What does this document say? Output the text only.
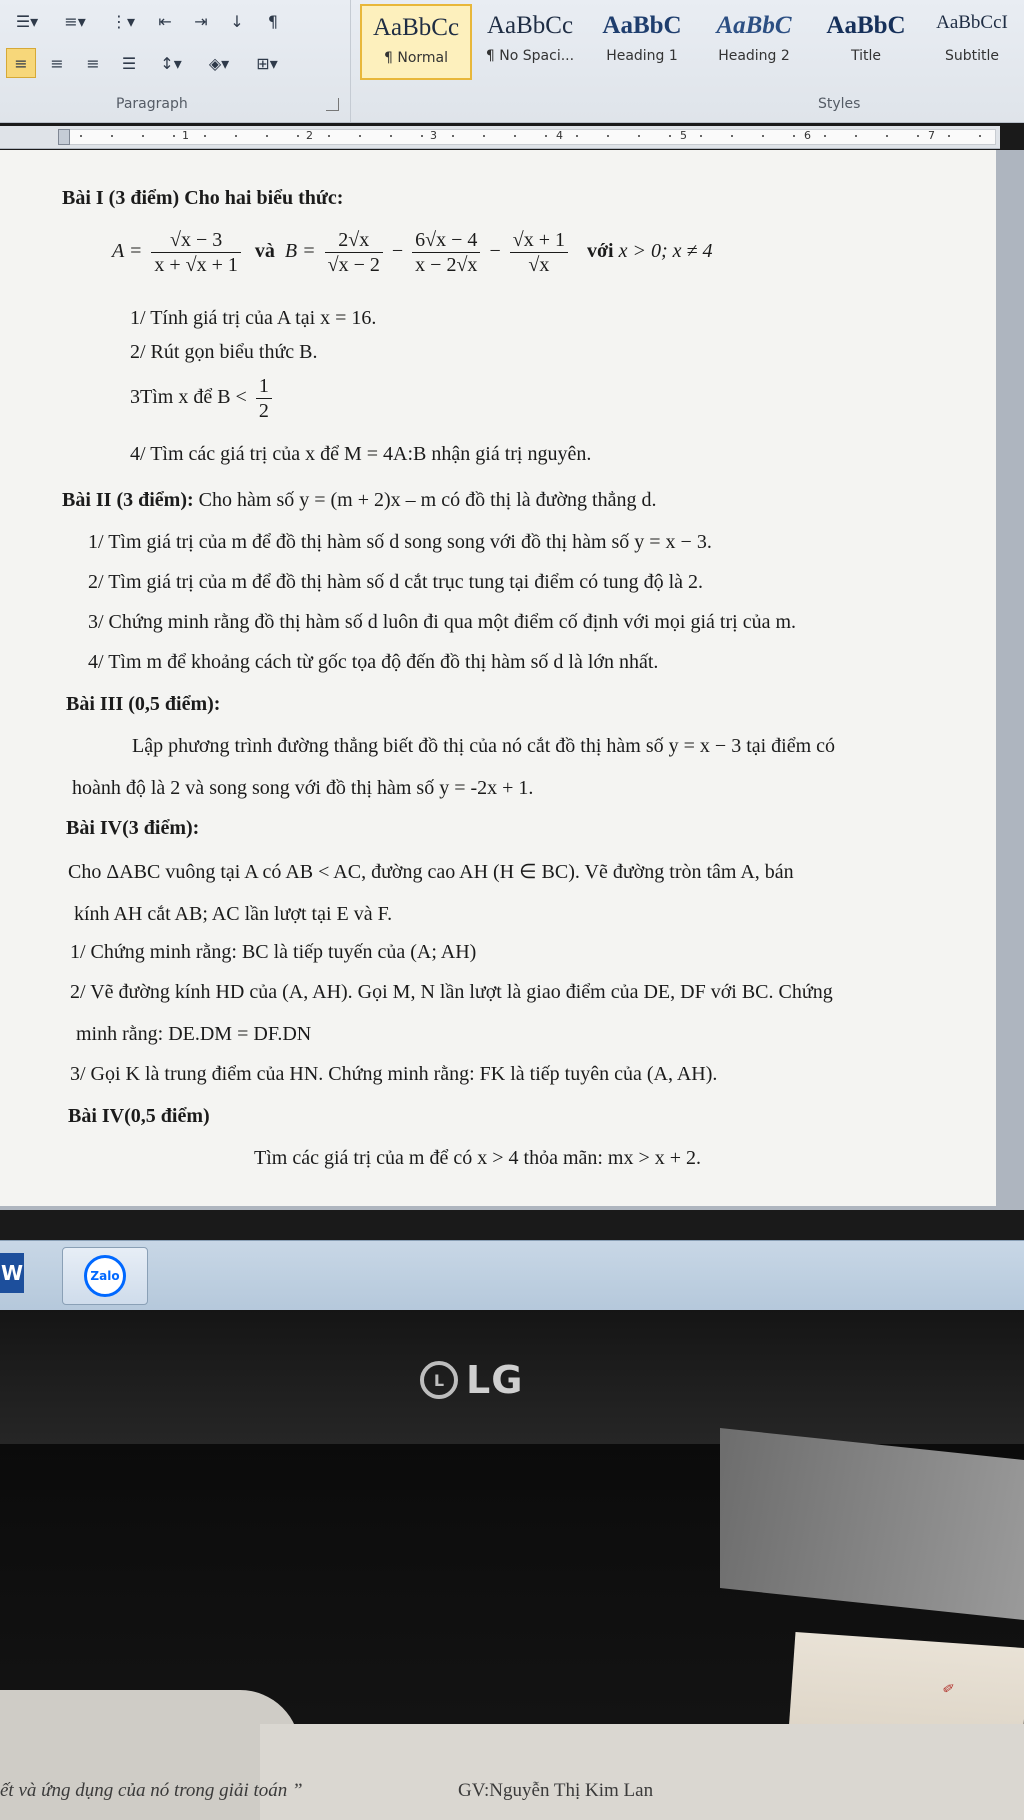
☰▾	≡▾	⋮▾	⇤	⇥	↓	¶
≡	≡	≡	☰	↕▾	◈▾	⊞▾
Paragraph
AaBbCc
¶ Normal
AaBbCc
¶ No Spaci...
AaBbC
Heading 1
AaBbC
Heading 2
AaBbC
Title
AaBbCcI
Subtitle
Styles
1	2	3	4	5	6	7
Bài I (3 điểm) Cho hai biểu thức:
$A = \frac{√x - 3}{x + √x + 1}$ và $B = \frac{2√x}{√x - 2} - \frac{6√x - 4}{x - 2√x} - \frac{√x + 1}{√x}$ với x > 0; x ≠ 4
1/ Tính giá trị của A tại x = 16.
2/ Rút gọn biểu thức B.
3Tìm x để $B < \frac{1}{2}$
4/ Tìm các giá trị của x để M = 4A:B nhận giá trị nguyên.
Bài II (3 điểm): Cho hàm số y = (m + 2)x – m có đồ thị là đường thẳng d.
1/ Tìm giá trị của m để đồ thị hàm số d song song với đồ thị hàm số y = x − 3.
2/ Tìm giá trị của m để đồ thị hàm số d cắt trục tung tại điểm có tung độ là 2.
3/ Chứng minh rằng đồ thị hàm số d luôn đi qua một điểm cố định với mọi giá trị của m.
4/ Tìm m để khoảng cách từ gốc tọa độ đến đồ thị hàm số d là lớn nhất.
Bài III (0,5 điểm):
Lập phương trình đường thẳng biết đồ thị của nó cắt đồ thị hàm số y = x − 3 tại điểm có
hoành độ là 2 và song song với đồ thị hàm số y = -2x + 1.
Bài IV(3 điểm):
Cho ΔABC vuông tại A có AB < AC, đường cao AH (H ∈ BC). Vẽ đường tròn tâm A, bán
kính AH cắt AB; AC lần lượt tại E và F.
1/ Chứng minh rằng: BC là tiếp tuyến của (A; AH)
2/ Vẽ đường kính HD của (A, AH). Gọi M, N lần lượt là giao điểm của DE, DF với BC. Chứng
minh rằng: DE.DM = DF.DN
3/ Gọi K là trung điểm của HN. Chứng minh rằng: FK là tiếp tuyên của (A, AH).
Bài IV(0,5 điểm)
Tìm các giá trị của m để có x > 4 thỏa mãn: mx > x + 2.
W	Zalo
L LG
✎
ết và ứng dụng của nó trong giải toán ”	GV:Nguyễn Thị Kim Lan
